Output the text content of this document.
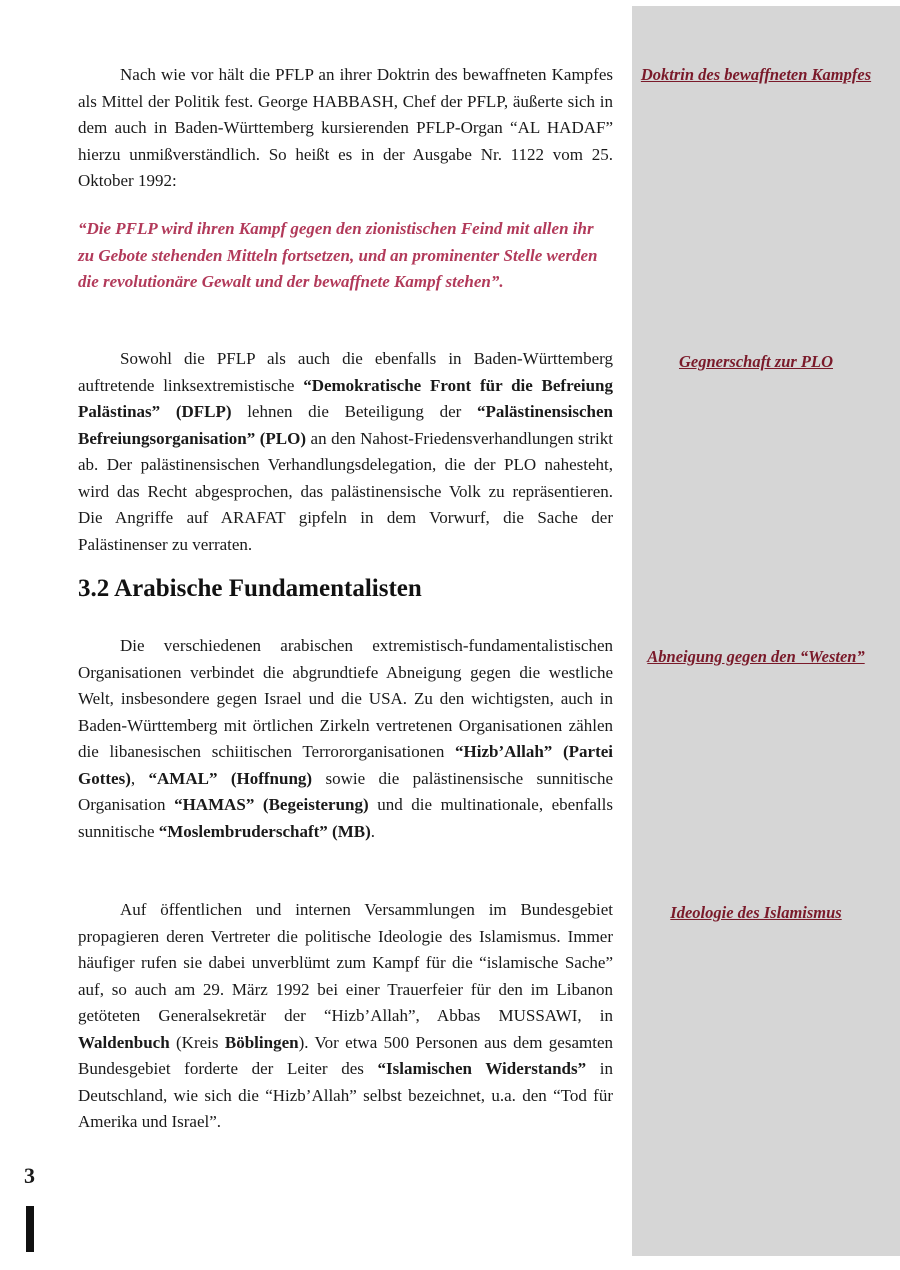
Doktrin des bewaffneten Kampfes
Gegnerschaft zur PLO
Abneigung gegen den “Westen”
Ideologie des Islamismus

Nach wie vor hält die PFLP an ihrer Doktrin des bewaffneten Kampfes als Mittel der Politik fest. George HABBASH, Chef der PFLP, äußerte sich in dem auch in Baden-Württemberg kursierenden PFLP-Organ “AL HADAF” hierzu unmißverständlich. So heißt es in der Ausgabe Nr. 1122 vom 25. Oktober 1992:

“Die PFLP wird ihren Kampf gegen den zionistischen Feind mit allen ihr zu Gebote stehenden Mitteln fortsetzen, und an prominenter Stelle werden die revolutionäre Gewalt und der bewaffnete Kampf stehen”.

Sowohl die PFLP als auch die ebenfalls in Baden-Württemberg auftretende linksextremistische “Demokratische Front für die Befreiung Palästinas” (DFLP) lehnen die Beteiligung der “Palästinensischen Befreiungsorganisation” (PLO) an den Nahost-Friedensverhandlungen strikt ab. Der palästinensischen Verhandlungsdelegation, die der PLO nahesteht, wird das Recht abgesprochen, das palästinensische Volk zu repräsentieren. Die Angriffe auf ARAFAT gipfeln in dem Vorwurf, die Sache der Palästinenser zu verraten.

3.2 Arabische Fundamentalisten

Die verschiedenen arabischen extremistisch-fundamentalistischen Organisationen verbindet die abgrundtiefe Abneigung gegen die westliche Welt, insbesondere gegen Israel und die USA. Zu den wichtigsten, auch in Baden-Württemberg mit örtlichen Zirkeln vertretenen Organisationen zählen die libanesischen schiitischen Terrororganisationen “Hizb’Allah” (Partei Gottes), “AMAL” (Hoffnung) sowie die palästinensische sunnitische Organisation “HAMAS” (Begeisterung) und die multinationale, ebenfalls sunnitische “Moslembruderschaft” (MB).

Auf öffentlichen und internen Versammlungen im Bundesgebiet propagieren deren Vertreter die politische Ideologie des Islamismus. Immer häufiger rufen sie dabei unverblümt zum Kampf für die “islamische Sache” auf, so auch am 29. März 1992 bei einer Trauerfeier für den im Libanon getöteten Generalsekretär der “Hizb’Allah”, Abbas MUSSAWI, in Waldenbuch (Kreis Böblingen). Vor etwa 500 Personen aus dem gesamten Bundesgebiet forderte der Leiter des “Islamischen Widerstands” in Deutschland, wie sich die “Hizb’Allah” selbst bezeichnet, u.a. den “Tod für Amerika und Israel”.

3
